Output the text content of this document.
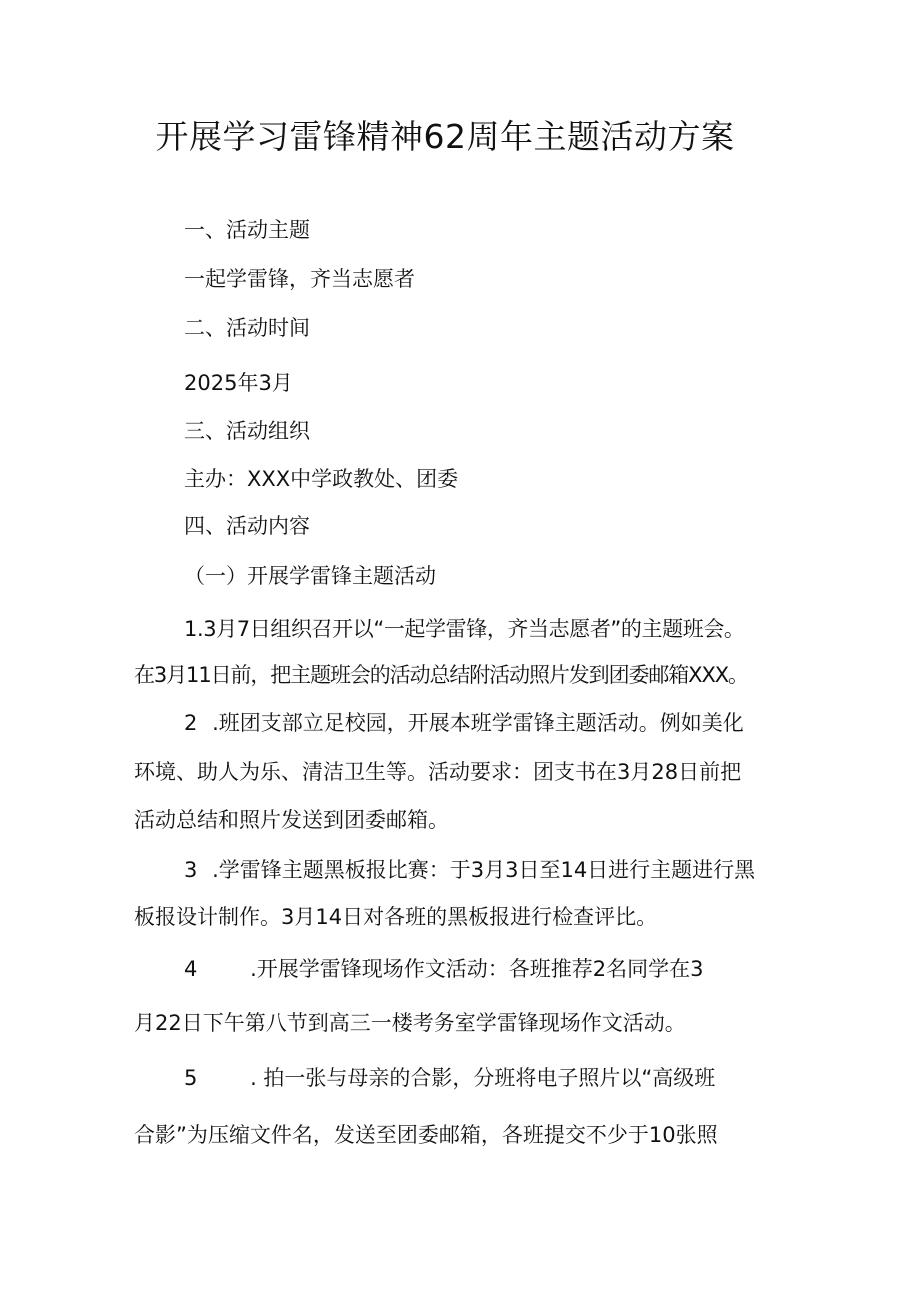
开展学习雷锋精神62周年主题活动方案
一、活动主题
一起学雷锋，齐当志愿者
二、活动时间
2025年3月
三、活动组织
主办：XXX中学政教处、团委
四、活动内容
（一）开展学雷锋主题活动
1.3月7日组织召开以“一起学雷锋，齐当志愿者”的主题班会。
在3月11日前，把主题班会的活动总结附活动照片发到团委邮箱XXX。
2 .班团支部立足校园，开展本班学雷锋主题活动。例如美化
环境、助人为乐、清洁卫生等。活动要求：团支书在3月28日前把
活动总结和照片发送到团委邮箱。
3 .学雷锋主题黑板报比赛：于3月3日至14日进行主题进行黑
板报设计制作。3月14日对各班的黑板报进行检查评比。
4	.开展学雷锋现场作文活动：各班推荐2名同学在3
月22日下午第八节到高三一楼考务室学雷锋现场作文活动。
5	. 拍一张与母亲的合影，分班将电子照片以“高级班
合影”为压缩文件名，发送至团委邮箱，各班提交不少于10张照
